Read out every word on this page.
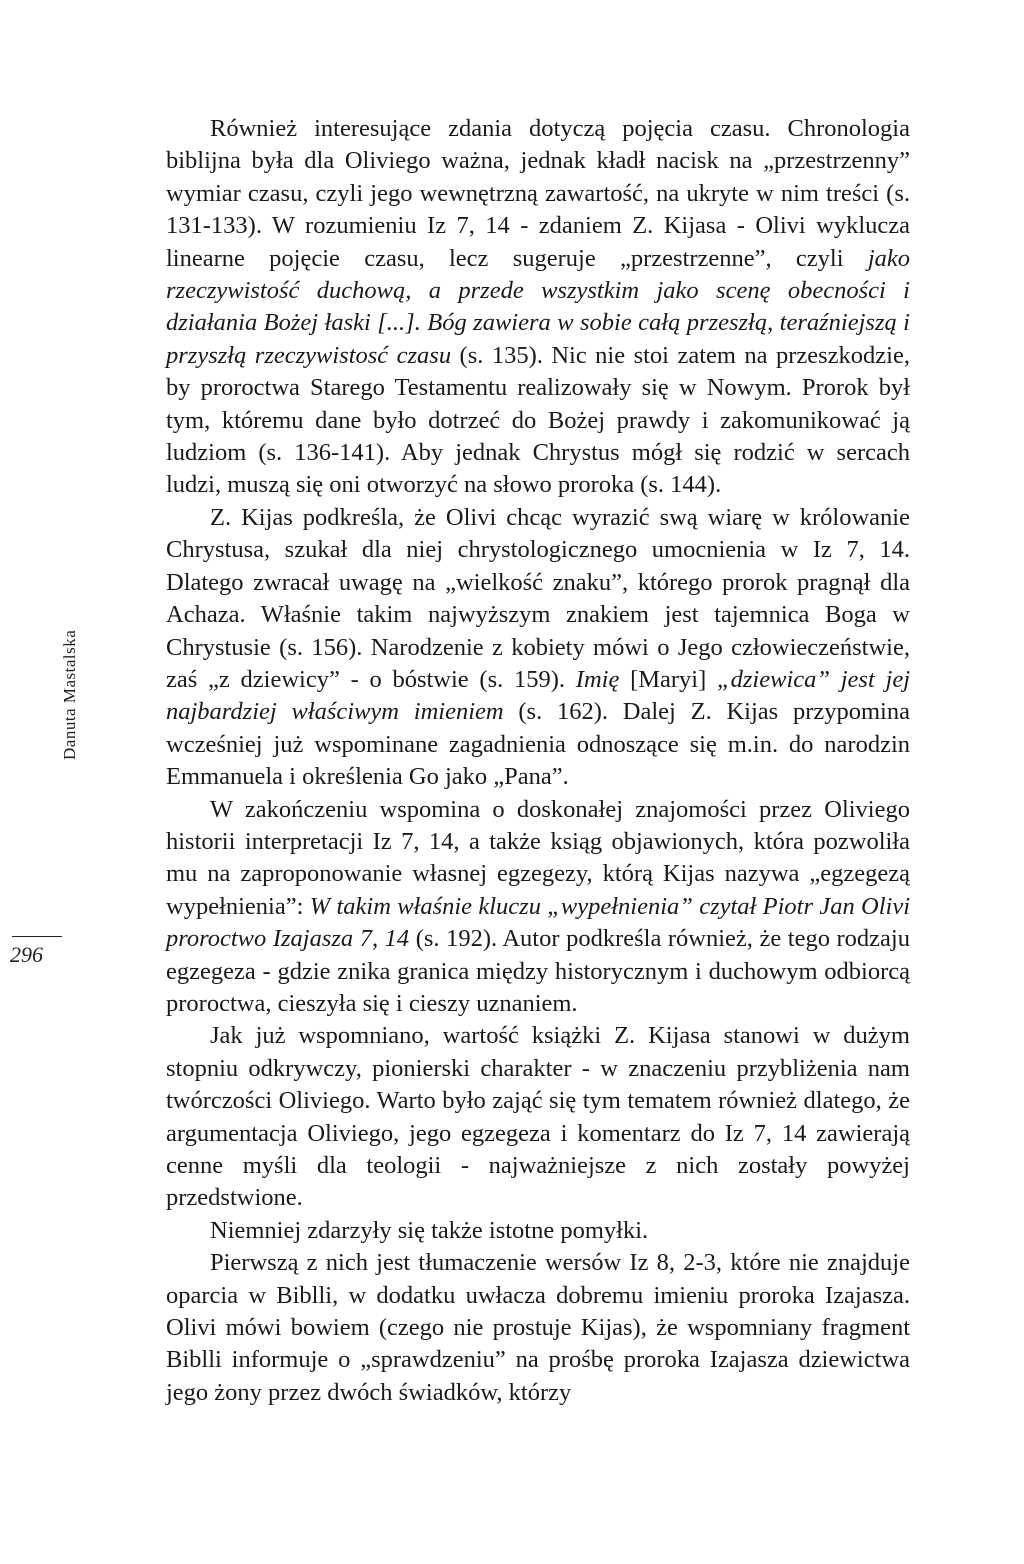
Danuta Mastalska
296

Również interesujące zdania dotyczą pojęcia czasu. Chronologia biblijna była dla Oliviego ważna, jednak kładł nacisk na „przestrzenny” wymiar czasu, czyli jego wewnętrzną zawartość, na ukryte w nim treści (s. 131-133). W rozumieniu Iz 7, 14 - zdaniem Z. Kijasa - Olivi wyklucza linearne pojęcie czasu, lecz sugeruje „przestrzenne”, czyli jako rzeczywistość duchową, a przede wszystkim jako scenę obecności i działania Bożej łaski [...]. Bóg zawiera w sobie całą przeszłą, teraźniejszą i przyszłą rzeczywistosć czasu (s. 135). Nic nie stoi zatem na przeszkodzie, by proroctwa Starego Testamentu realizowały się w Nowym. Prorok był tym, któremu dane było dotrzeć do Bożej prawdy i zakomunikować ją ludziom (s. 136-141). Aby jednak Chrystus mógł się rodzić w sercach ludzi, muszą się oni otworzyć na słowo proroka (s. 144).

Z. Kijas podkreśla, że Olivi chcąc wyrazić swą wiarę w królowanie Chrystusa, szukał dla niej chrystologicznego umocnienia w Iz 7, 14. Dlatego zwracał uwagę na „wielkość znaku”, którego prorok pragnął dla Achaza. Właśnie takim najwyższym znakiem jest tajemnica Boga w Chrystusie (s. 156). Narodzenie z kobiety mówi o Jego człowieczeństwie, zaś „z dziewicy” - o bóstwie (s. 159). Imię [Maryi] „dziewica” jest jej najbardziej właściwym imieniem (s. 162). Dalej Z. Kijas przypomina wcześniej już wspominane zagadnienia odnoszące się m.in. do narodzin Emmanuela i określenia Go jako „Pana”.

W zakończeniu wspomina o doskonałej znajomości przez Oliviego historii interpretacji Iz 7, 14, a także ksiąg objawionych, która pozwoliła mu na zaproponowanie własnej egzegezy, którą Kijas nazywa „egzegezą wypełnienia”: W takim właśnie kluczu „wypełnienia” czytał Piotr Jan Olivi proroctwo Izajasza 7, 14 (s. 192). Autor podkreśla również, że tego rodzaju egzegeza - gdzie znika granica między historycznym i duchowym odbiorcą proroctwa, cieszyła się i cieszy uznaniem.

Jak już wspomniano, wartość książki Z. Kijasa stanowi w dużym stopniu odkrywczy, pionierski charakter - w znaczeniu przybliżenia nam twórczości Oliviego. Warto było zająć się tym tematem również dlatego, że argumentacja Oliviego, jego egzegeza i komentarz do Iz 7, 14 zawierają cenne myśli dla teologii - najważniejsze z nich zostały powyżej przedstwione.

Niemniej zdarzyły się także istotne pomyłki.

Pierwszą z nich jest tłumaczenie wersów Iz 8, 2-3, które nie znajduje oparcia w Biblli, w dodatku uwłacza dobremu imieniu proroka Izajasza. Olivi mówi bowiem (czego nie prostuje Kijas), że wspomniany fragment Biblli informuje o „sprawdzeniu” na prośbę proroka Izajasza dziewictwa jego żony przez dwóch świadków, którzy
